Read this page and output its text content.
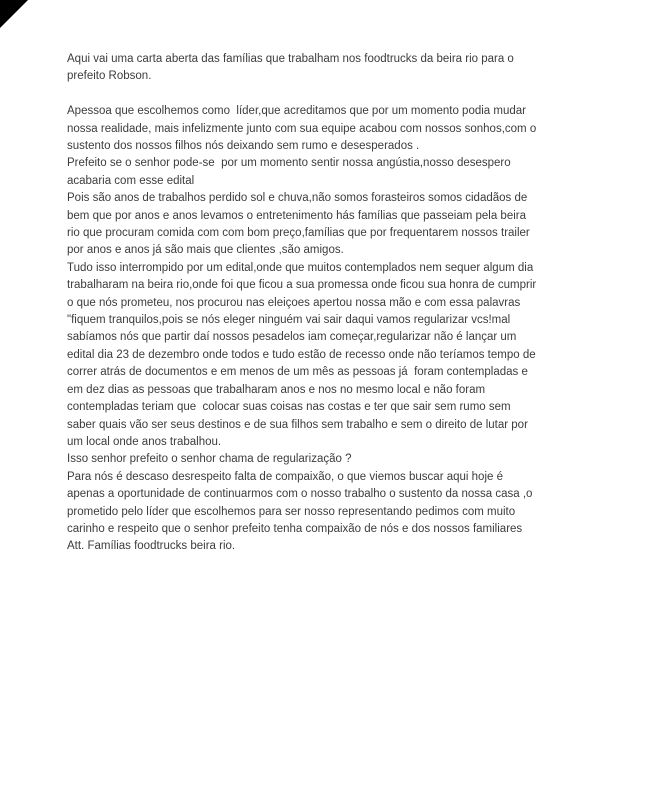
Aqui vai uma carta aberta das famílias que trabalham nos foodtrucks da beira rio para o
prefeito Robson.
Apessoa que escolhemos como  líder,que acreditamos que por um momento podia mudar
nossa realidade, mais infelizmente junto com sua equipe acabou com nossos sonhos,com o
sustento dos nossos filhos nós deixando sem rumo e desesperados .
Prefeito se o senhor pode-se  por um momento sentir nossa angústia,nosso desespero
acabaria com esse edital
Pois são anos de trabalhos perdido sol e chuva,não somos forasteiros somos cidadãos de
bem que por anos e anos levamos o entretenimento hás famílias que passeiam pela beira
rio que procuram comida com com bom preço,famílias que por frequentarem nossos trailer
por anos e anos já são mais que clientes ,são amigos.
Tudo isso interrompido por um edital,onde que muitos contemplados nem sequer algum dia
trabalharam na beira rio,onde foi que ficou a sua promessa onde ficou sua honra de cumprir
o que nós prometeu, nos procurou nas eleiçoes apertou nossa mão e com essa palavras
"fiquem tranquilos,pois se nós eleger ninguém vai sair daqui vamos regularizar vcs!mal
sabíamos nós que partir daí nossos pesadelos iam começar,regularizar não é lançar um
edital dia 23 de dezembro onde todos e tudo estão de recesso onde não teríamos tempo de
correr atrás de documentos e em menos de um mês as pessoas já  foram contempladas e
em dez dias as pessoas que trabalharam anos e nos no mesmo local e não foram
contempladas teriam que  colocar suas coisas nas costas e ter que sair sem rumo sem
saber quais vão ser seus destinos e de sua filhos sem trabalho e sem o direito de lutar por
um local onde anos trabalhou.
Isso senhor prefeito o senhor chama de regularização ?
Para nós é descaso desrespeito falta de compaixão, o que viemos buscar aqui hoje é
apenas a oportunidade de continuarmos com o nosso trabalho o sustento da nossa casa ,o
prometido pelo líder que escolhemos para ser nosso representando pedimos com muito
carinho e respeito que o senhor prefeito tenha compaixão de nós e dos nossos familiares
Att. Famílias foodtrucks beira rio.
